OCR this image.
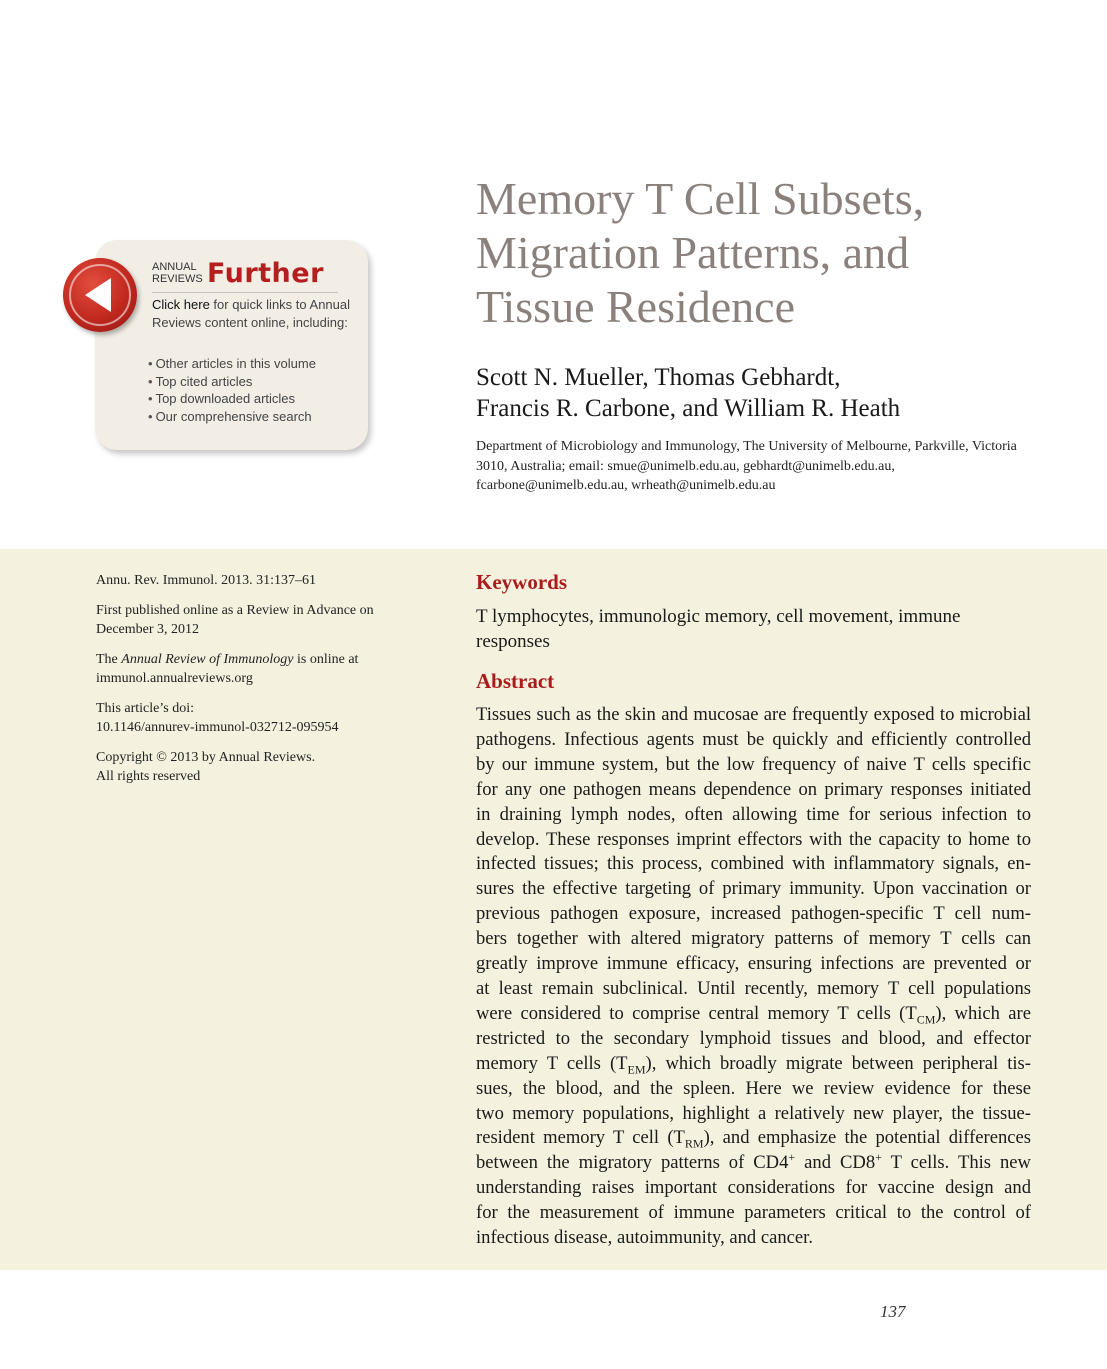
Memory T Cell Subsets,
Migration Patterns, and
Tissue Residence
Scott N. Mueller, Thomas Gebhardt,
Francis R. Carbone, and William R. Heath
Department of Microbiology and Immunology, The University of Melbourne, Parkville, Victoria 3010, Australia; email: smue@unimelb.edu.au, gebhardt@unimelb.edu.au, fcarbone@unimelb.edu.au, wrheath@unimelb.edu.au
ANNUAL
REVIEWS Further
Click here for quick links to Annual Reviews content online, including:
• Other articles in this volume
• Top cited articles
• Top downloaded articles
• Our comprehensive search

Annu. Rev. Immunol. 2013. 31:137–61

First published online as a Review in Advance on December 3, 2012

The Annual Review of Immunology is online at immunol.annualreviews.org

This article’s doi:
10.1146/annurev-immunol-032712-095954

Copyright © 2013 by Annual Reviews.
All rights reserved

Keywords
T lymphocytes, immunologic memory, cell movement, immune responses
Abstract
Tissues such as the skin and mucosae are frequently exposed to microbial
pathogens. Infectious agents must be quickly and efficiently controlled
by our immune system, but the low frequency of naive T cells specific
for any one pathogen means dependence on primary responses initiated
in draining lymph nodes, often allowing time for serious infection to
develop. These responses imprint effectors with the capacity to home to
infected tissues; this process, combined with inflammatory signals, en-
sures the effective targeting of primary immunity. Upon vaccination or
previous pathogen exposure, increased pathogen-specific T cell num-
bers together with altered migratory patterns of memory T cells can
greatly improve immune efficacy, ensuring infections are prevented or
at least remain subclinical. Until recently, memory T cell populations
were considered to comprise central memory T cells $(T_{CM})$, which are
restricted to the secondary lymphoid tissues and blood, and effector
memory T cells $(T_{EM})$, which broadly migrate between peripheral tis-
sues, the blood, and the spleen. Here we review evidence for these
two memory populations, highlight a relatively new player, the tissue-
resident memory T cell $(T_{RM})$, and emphasize the potential differences
between the migratory patterns of CD4+ and CD8+ T cells. This new
understanding raises important considerations for vaccine design and
for the measurement of immune parameters critical to the control of
infectious disease, autoimmunity, and cancer.
137
